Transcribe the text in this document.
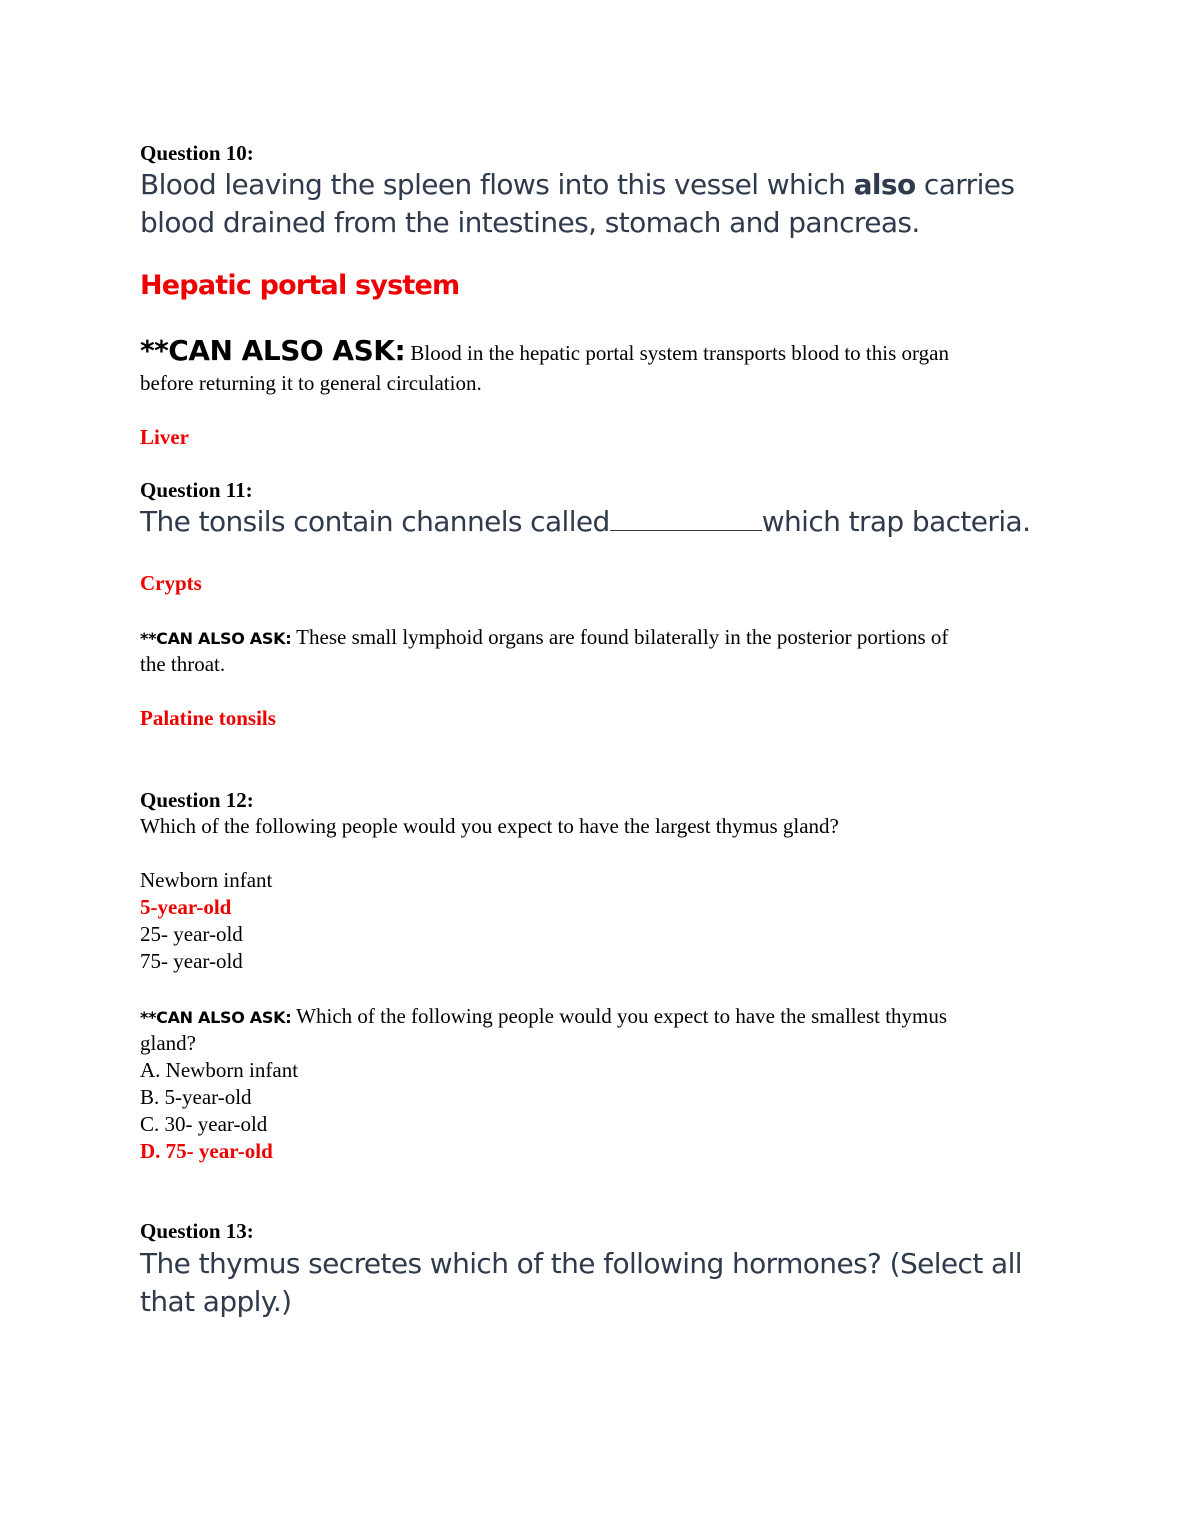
Question 10:
Blood leaving the spleen flows into this vessel which also carries
blood drained from the intestines, stomach and pancreas.
Hepatic portal system
**CAN ALSO ASK: Blood in the hepatic portal system transports blood to this organ
before returning it to general circulation.
Liver
Question 11:
The tonsils contain channels called	which trap bacteria.
Crypts
**CAN ALSO ASK: These small lymphoid organs are found bilaterally in the posterior portions of
the throat.
Palatine tonsils
Question 12:
Which of the following people would you expect to have the largest thymus gland?
Newborn infant
5-year-old
25- year-old
75- year-old
**CAN ALSO ASK: Which of the following people would you expect to have the smallest thymus
gland?
A. Newborn infant
B. 5-year-old
C. 30- year-old
D. 75- year-old
Question 13:
The thymus secretes which of the following hormones? (Select all
that apply.)
